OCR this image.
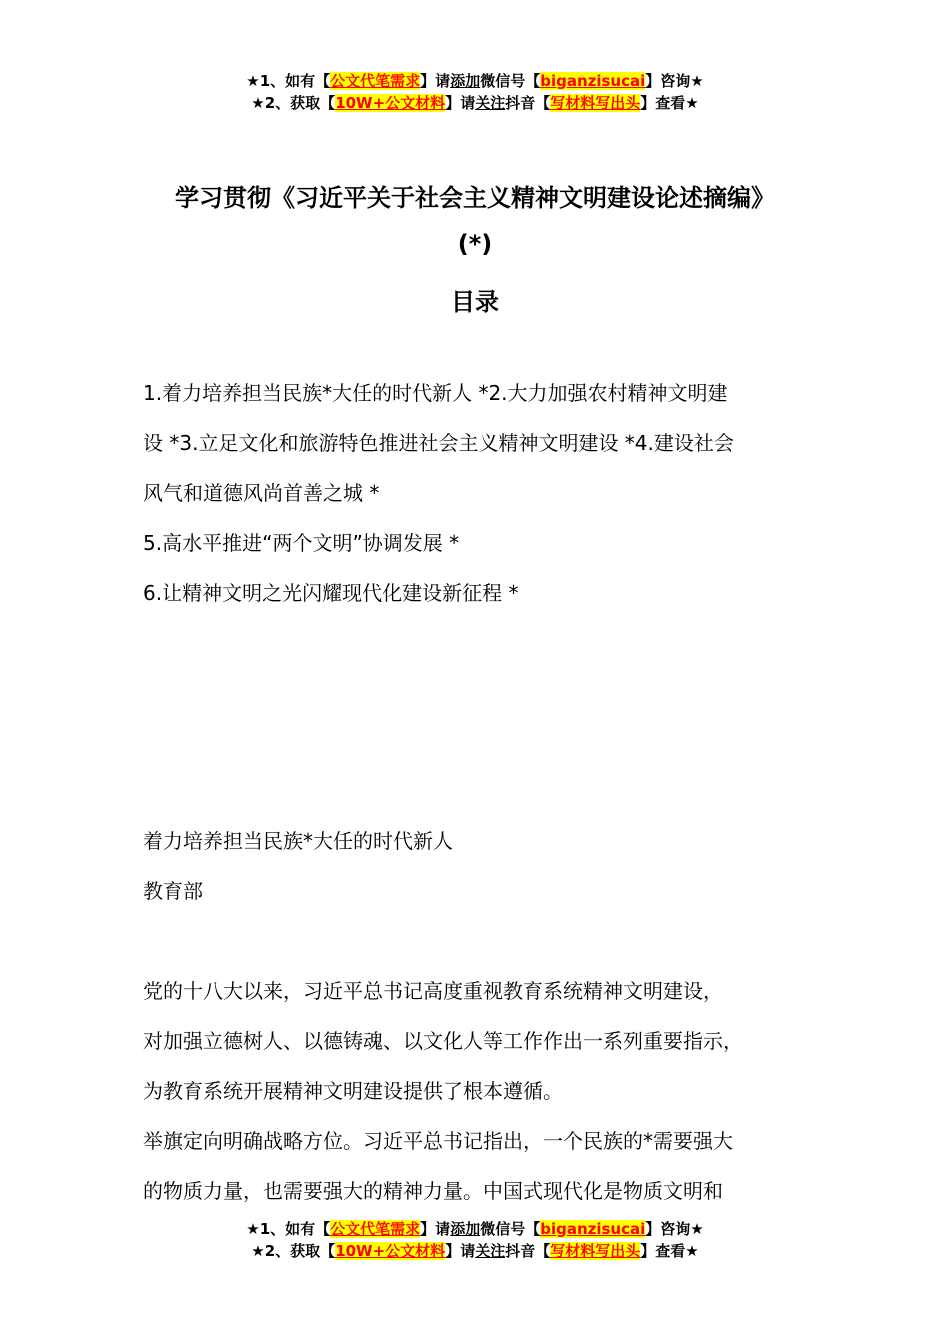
★1、如有【公文代笔需求】请添加微信号【biganzisucai】咨询★
★2、获取【10W+公文材料】请关注抖音【写材料写出头】查看★
学习贯彻《习近平关于社会主义精神文明建设论述摘编》
(*)
目录

1.着力培养担当民族*大任的时代新人 *2.大力加强农村精神文明建

设 *3.立足文化和旅游特色推进社会主义精神文明建设 *4.建设社会

风气和道德风尚首善之城 *

5.高水平推进“两个文明”协调发展 *

6.让精神文明之光闪耀现代化建设新征程 *

着力培养担当民族*大任的时代新人

教育部

党的十八大以来，习近平总书记高度重视教育系统精神文明建设，

对加强立德树人、以德铸魂、以文化人等工作作出一系列重要指示，

为教育系统开展精神文明建设提供了根本遵循。

举旗定向明确战略方位。习近平总书记指出，一个民族的*需要强大

的物质力量，也需要强大的精神力量。中国式现代化是物质文明和

★1、如有【公文代笔需求】请添加微信号【biganzisucai】咨询★
★2、获取【10W+公文材料】请关注抖音【写材料写出头】查看★
